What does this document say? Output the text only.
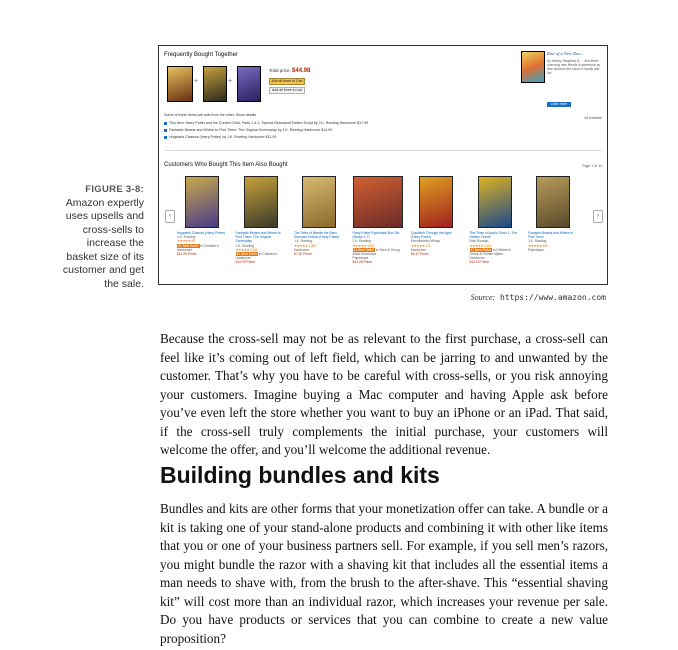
FIGURE 3-8:
Amazon expertly
uses upsells and
cross-sells to
increase the
basket size of its
customer and get
the sale.
Frequently Bought Together
+	+
Total price: $44.98
Add all three to Cart
Add all three to List
Some of these items are sold from the other. Show details
This item: Harry Potter and the Cursed Child, Parts 1 & 2, Special Rehearsal Edition Script by J.K. Rowling Hardcover $17.99
Fantastic Beasts and Where to Find Them: The Original Screenplay by J.K. Rowling Hardcover $14.99
Hogwarts Classics (Harry Potter) by J.K. Rowling Hardcover $11.99
Rise of a New Duo...
by Jeremy Haughton & ... Join these charming new friends in adventure as they discover the value of loyalty and fun
Learn more
Ad feedback
Customers Who Bought This Item Also Bought	Page 1 of 14
‹	›
Hogwarts Classics (Harry Potter)
J.K. Rowling
★★★★★ 83
#1 Best Seller in Children's
Hardcover
$11.99 Prime
Fantastic Beasts and Where to Find Them: The Original Screenplay
J.K. Rowling
★★★★★ 1,302
#1 Best Seller in Children's
Hardcover
$14.99 Prime
The Tales of Beedle the Bard, Standard Edition (Harry Potter)
J.K. Rowling
★★★★★ 1,383
Hardcover
$7.62 Prime
Harry Potter Paperback Box Set (Books 1-7)
J.K. Rowling
★★★★★ 4,300
#1 Best Seller in Teen & Young Adult Humorous
Paperback
$44.28 Prime
Quidditch Through the Ages (Harry Potter)
Kennilworthy Whisp
★★★★★ 172
Hardcover
$6.17 Prime
The Trials of Apollo, Book 1: The Hidden Oracle
Rick Riordan
★★★★★ 1,030
#1 Best Seller in Children's Greek & Roman Myths
Hardcover
$12.19 Prime
Fantastic Beasts and Where to Find Them
J.K. Rowling
★★★★★ 440
Paperback
Source: https://www.amazon.com
Because the cross-sell may not be as relevant to the first purchase, a cross-sell can feel like it’s coming out of left field, which can be jarring to and unwanted by the customer. That’s why you have to be careful with cross-sells, or you risk annoying your customers. Imagine buying a Mac computer and having Apple ask before you’ve even left the store whether you want to buy an iPhone or an iPad. That said, if the cross-sell truly complements the initial purchase, your customers will welcome the offer, and you’ll welcome the additional revenue.
Building bundles and kits
Bundles and kits are other forms that your monetization offer can take. A bundle or a kit is taking one of your stand-alone products and combining it with other like items that you or one of your business partners sell. For example, if you sell men’s razors, you might bundle the razor with a shaving kit that includes all the essential items a man needs to shave with, from the brush to the after-shave. This “essential shaving kit” will cost more than an individual razor, which increases your revenue per sale. Do you have products or services that you can combine to create a new value proposition?
